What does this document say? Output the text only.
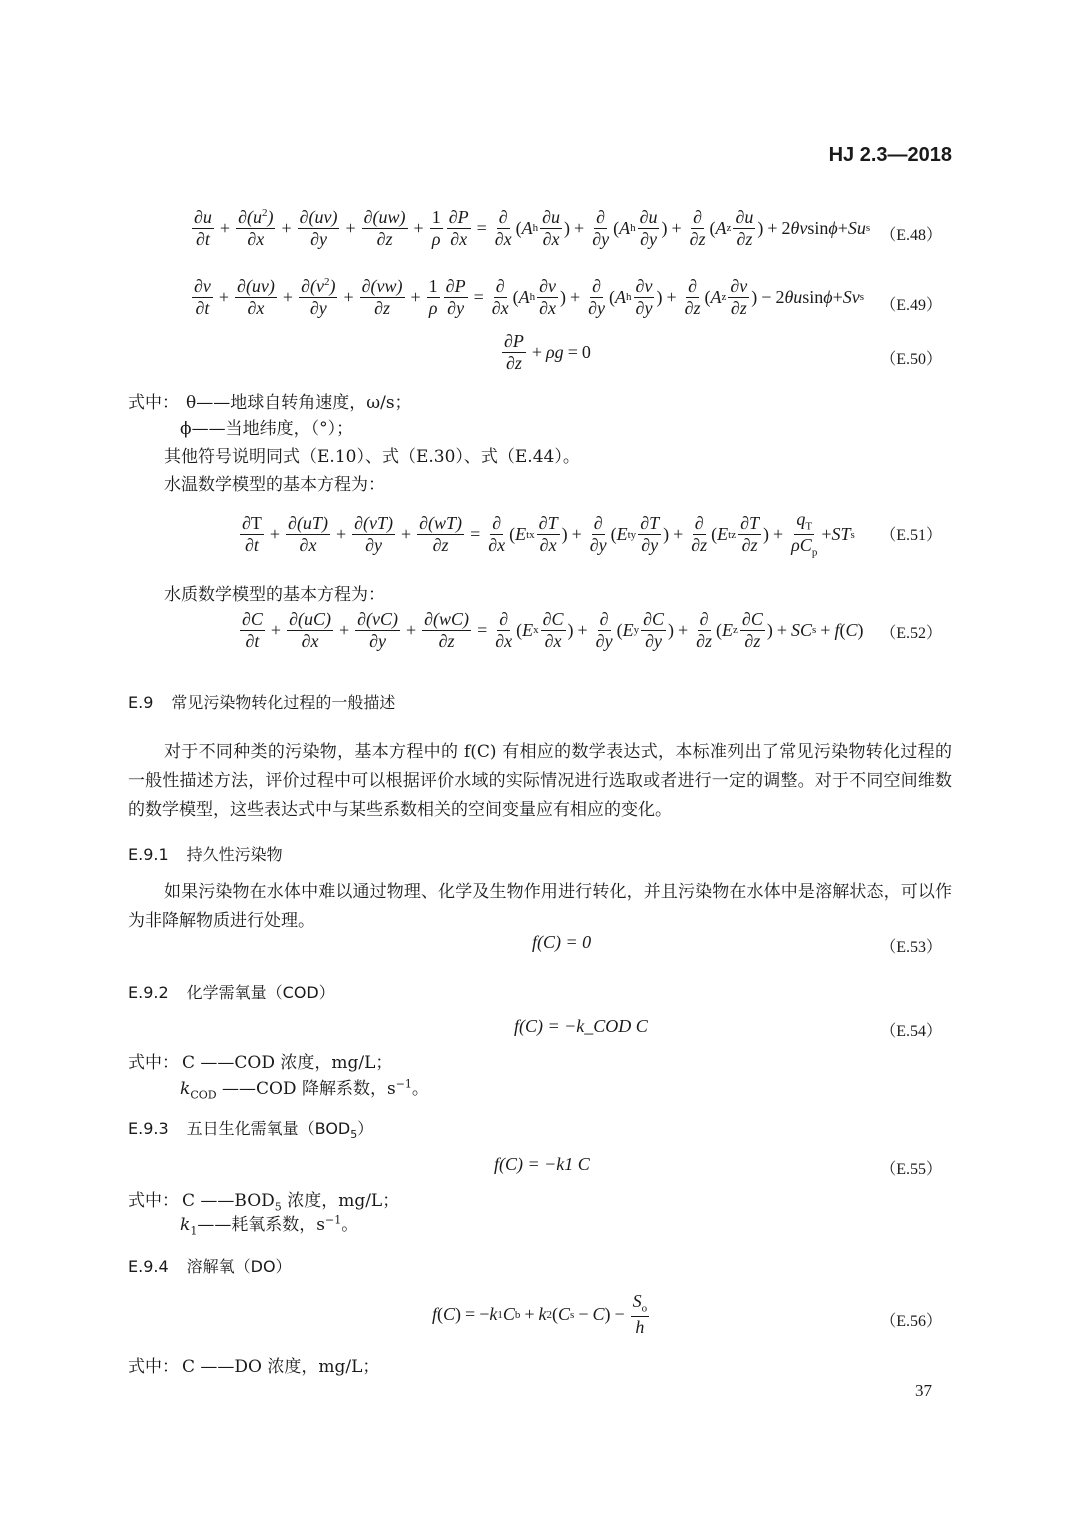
HJ 2.3—2018
$\frac{\partial u}{\partial t} + \frac{\partial(u^2)}{\partial x} + \frac{\partial(uv)}{\partial y} + \frac{\partial(uw)}{\partial z} + \frac{1}{\rho} \frac{\partial P}{\partial x} = \frac{\partial}{\partial x}$ ( A h $\frac{\partial u}{\partial x}$ ) + $\frac{\partial}{\partial y}$ ( A h $\frac{\partial u}{\partial y}$ ) + $\frac{\partial}{\partial z}$ ( A z $\frac{\partial u}{\partial z}$ ) + 2 θv sin ϕ + Su s （E.48）
$\frac{\partial v}{\partial t} + \frac{\partial(uv)}{\partial x} + \frac{\partial(v^2)}{\partial y} + \frac{\partial(vw)}{\partial z} + \frac{1}{\rho} \frac{\partial P}{\partial y} = \frac{\partial}{\partial x}$ ( A h $\frac{\partial v}{\partial x}$ ) + $\frac{\partial}{\partial y}$ ( A h $\frac{\partial v}{\partial y}$ ) + $\frac{\partial}{\partial z}$ ( A z $\frac{\partial v}{\partial z}$ ) − 2 θu sin ϕ + Sv s （E.49）
$\frac{\partial P}{\partial z} + \rho g = 0$	（E.50）
式中： θ——地球自转角速度，ω/s；
ϕ——当地纬度，（°）；
其他符号说明同式（E.10）、式（E.30）、式（E.44）。
水温数学模型的基本方程为：
$\frac{\partial T}{\partial t} + \frac{\partial(uT)}{\partial x} + \frac{\partial(vT)}{\partial y} + \frac{\partial(wT)}{\partial z} = \frac{\partial}{\partial x}$ ( E tx $\frac{\partial T}{\partial x}$ ) + $\frac{\partial}{\partial y}$ ( E ty $\frac{\partial T}{\partial y}$ ) + $\frac{\partial}{\partial z}$ ( E tz $\frac{\partial T}{\partial z}$ ) + $\frac{q_T}{\rho C_p}$ + ST s （E.51）
水质数学模型的基本方程为：
$\frac{\partial C}{\partial t} + \frac{\partial(uC)}{\partial x} + \frac{\partial(vC)}{\partial y} + \frac{\partial(wC)}{\partial z} = \frac{\partial}{\partial x}$ ( E x $\frac{\partial C}{\partial x}$ ) + $\frac{\partial}{\partial y}$ ( E y $\frac{\partial C}{\partial y}$ ) + $\frac{\partial}{\partial z}$ ( E z $\frac{\partial C}{\partial z}$ ) + SC s + f ( C ) （E.52）
E.9 常见污染物转化过程的一般描述
对于不同种类的污染物，基本方程中的 f(C) 有相应的数学表达式，本标准列出了常见污染物转化过程的一般性描述方法，评价过程中可以根据评价水域的实际情况进行选取或者进行一定的调整。对于不同空间维数的数学模型，这些表达式中与某些系数相关的空间变量应有相应的变化。
E.9.1 持久性污染物
如果污染物在水体中难以通过物理、化学及生物作用进行转化，并且污染物在水体中是溶解状态，可以作为非降解物质进行处理。
f(C) = 0	（E.53）
E.9.2 化学需氧量（COD）
f(C) = −k_COD C	（E.54）
式中： C ——COD 浓度，mg/L；
$k_{COD}$ ——COD 降解系数，$s^{-1}$。
E.9.3 五日生化需氧量$(BOD_5)$
f(C) = −k1 C	（E.55）
式中： C $——BOD_5$ 浓度，mg/L；
$k_1——$耗氧系数，$s^{-1}$。
E.9.4 溶解氧（DO）
f ( C ) = − k 1 C b + k 2 ( C s − C ) − $\frac{S_o}{h}$	（E.56）
式中： C ——DO 浓度，mg/L；
37
